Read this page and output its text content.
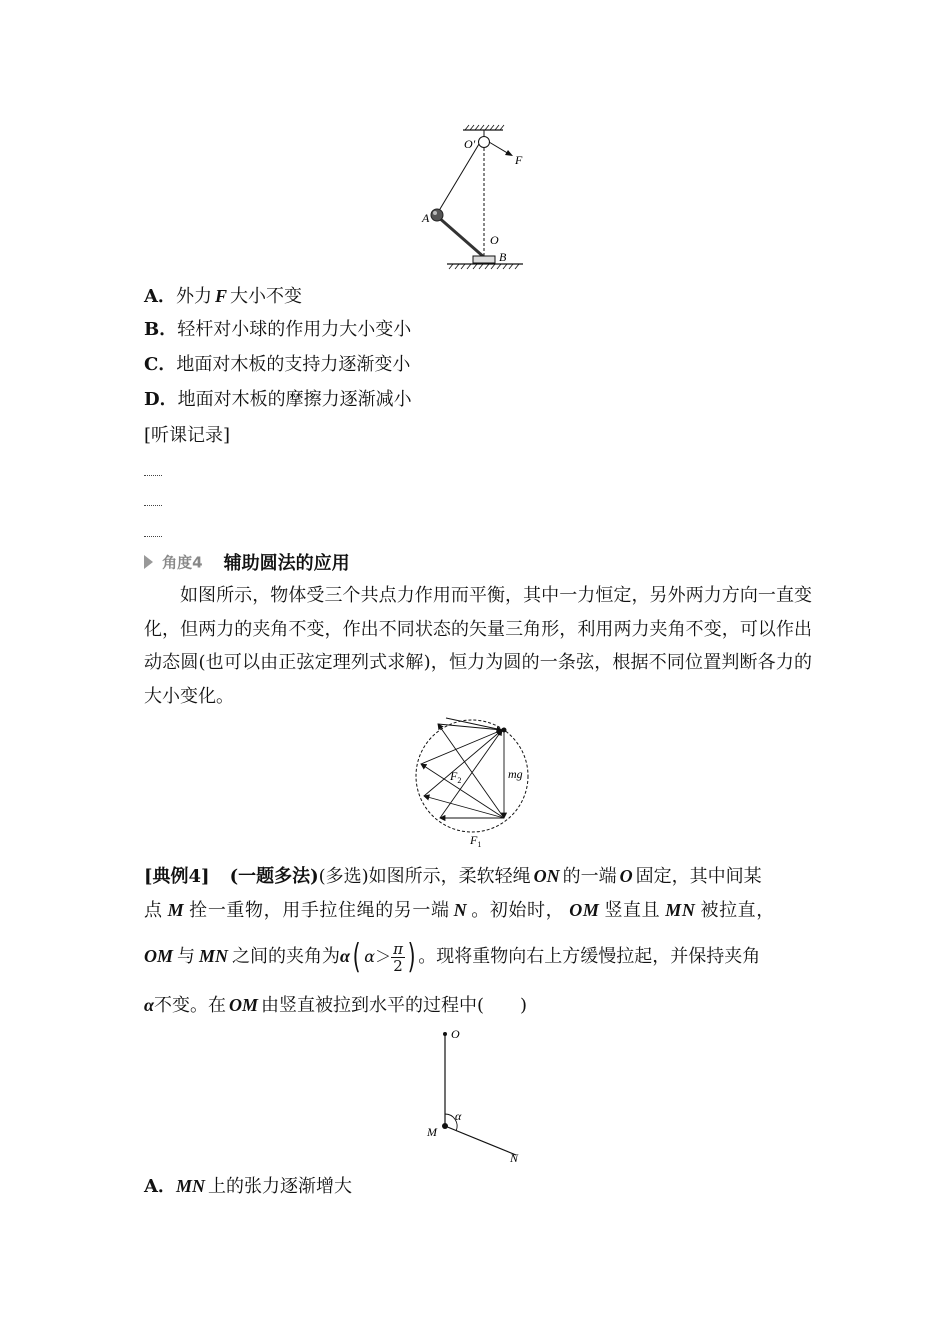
O′
F
A
O
B
A．外力 F 大小不变
B．轻杆对小球的作用力大小变小
C．地面对木板的支持力逐渐变小
D．地面对木板的摩擦力逐渐减小
[听课记录]
角度4 辅助圆法的应用
如图所示，物体受三个共点力作用而平衡，其中一力恒定，另外两力方向一直变化，但两力的夹角不变，作出不同状态的矢量三角形，利用两力夹角不变，可以作出动态圆(也可以由正弦定理列式求解)，恒力为圆的一条弦，根据不同位置判断各力的大小变化。
$F_2$	mg
$F_1$
[典例4] (一题多法)(多选)如图所示，柔软轻绳 ON 的一端 O 固定，其中间某
点 M 拴一重物，用手拉住绳的另一端 N 。初始时， OM 竖直且 MN 被拉直，
OM 与 MN 之间的夹角为α( $\alpha> \frac{\pi}{2}$ ) 。现将重物向右上方缓慢拉起，并保持夹角
α不变。在 OM 由竖直被拉到水平的过程中(　　)
O
α
M
N
A．MN 上的张力逐渐增大
